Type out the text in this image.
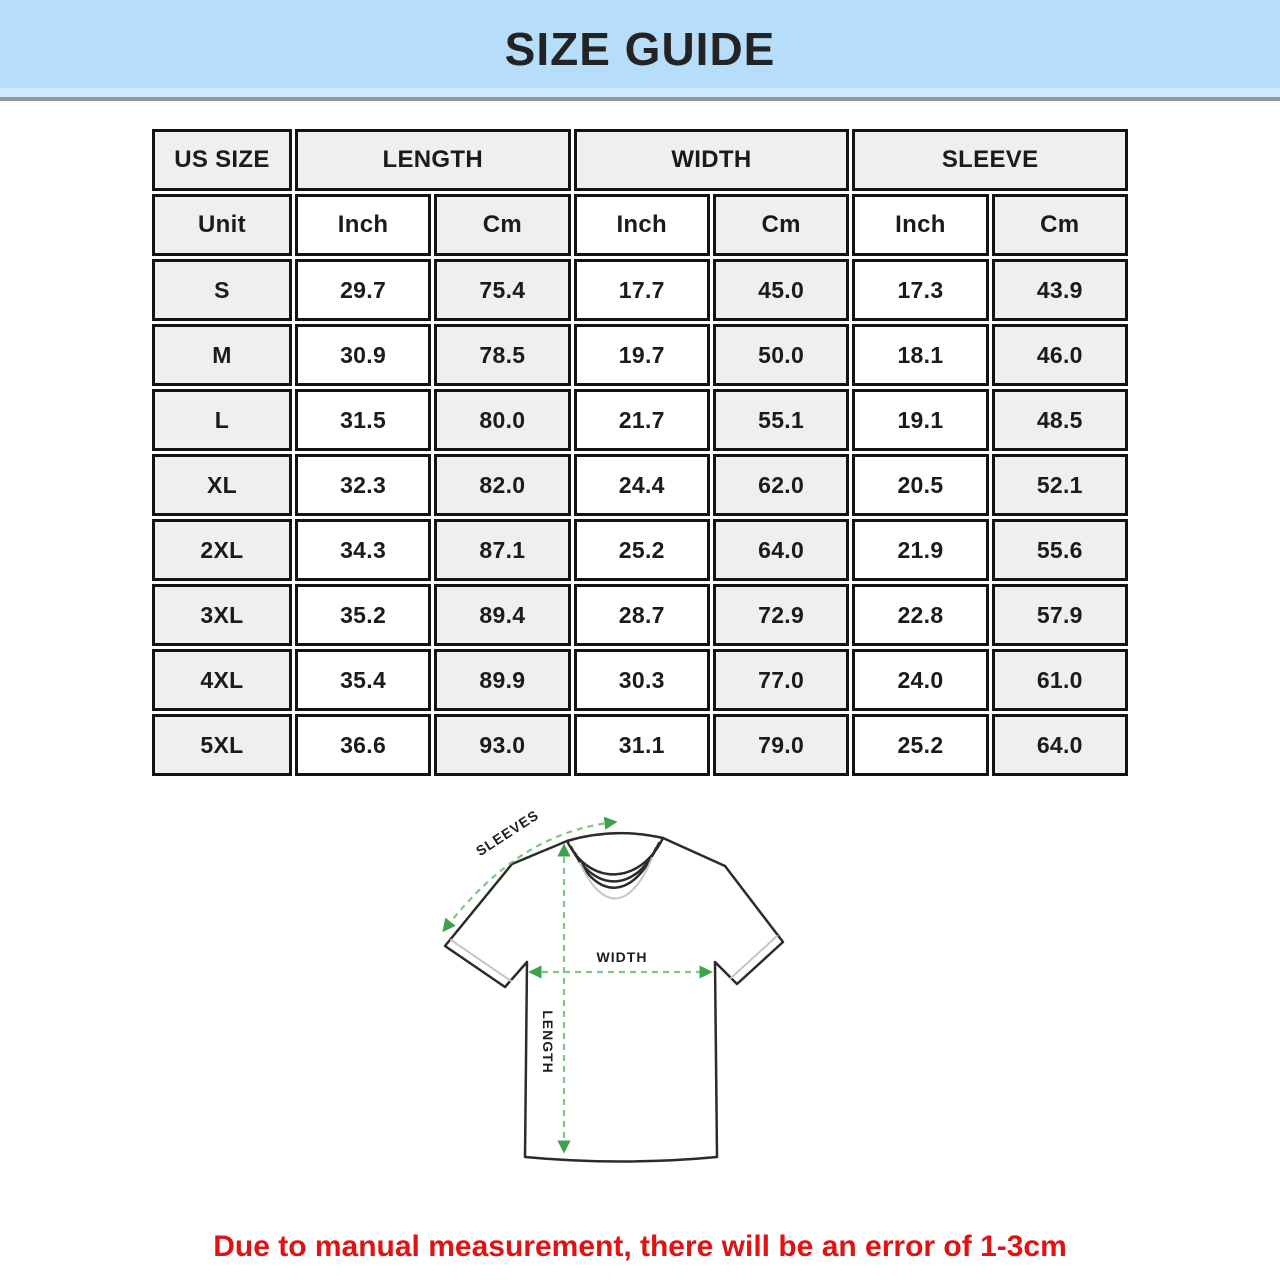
SIZE GUIDE
US SIZE	LENGTH		WIDTH		SLEEVE	
Unit	Inch	Cm	Inch	Cm	Inch	Cm
S	29.7	75.4	17.7	45.0	17.3	43.9
M	30.9	78.5	19.7	50.0	18.1	46.0
L	31.5	80.0	21.7	55.1	19.1	48.5
XL	32.3	82.0	24.4	62.0	20.5	52.1
2XL	34.3	87.1	25.2	64.0	21.9	55.6
3XL	35.2	89.4	28.7	72.9	22.8	57.9
4XL	35.4	89.9	30.3	77.0	24.0	61.0
5XL	36.6	93.0	31.1	79.0	25.2	64.0
WIDTH
LENGTH
SLEEVES
Due to manual measurement, there will be an error of 1-3cm
